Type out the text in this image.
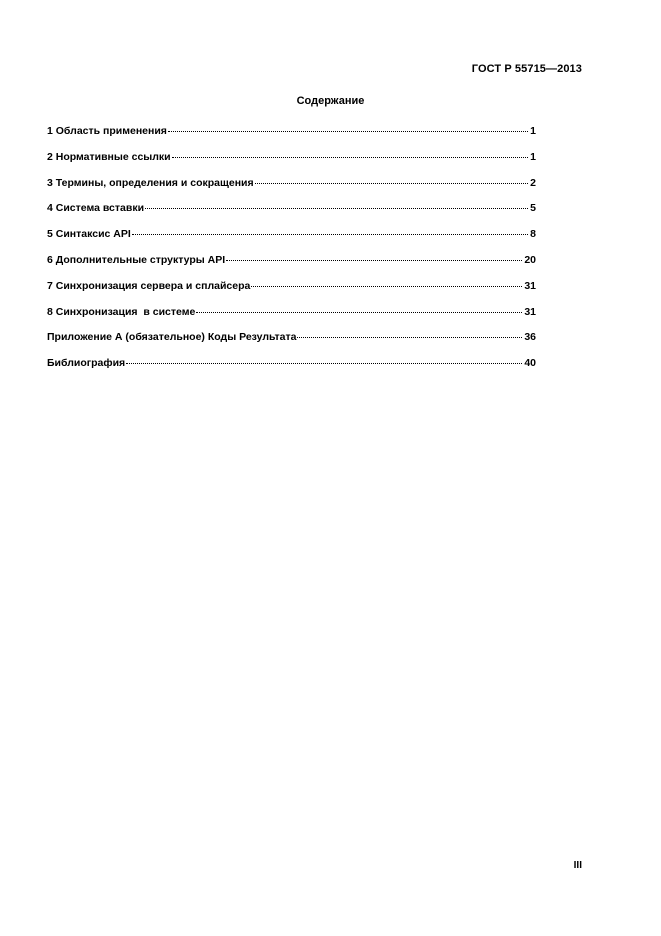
ГОСТ Р 55715—2013
Содержание
1 Область применения	1
2 Нормативные ссылки	1
3 Термины, определения и сокращения	2
4 Система вставки	5
5 Синтаксис API	8
6 Дополнительные структуры API	20
7 Синхронизация сервера и сплайсера	31
8 Синхронизация  в системе	31
Приложение А (обязательное) Коды Результата	36
Библиография	40
III
